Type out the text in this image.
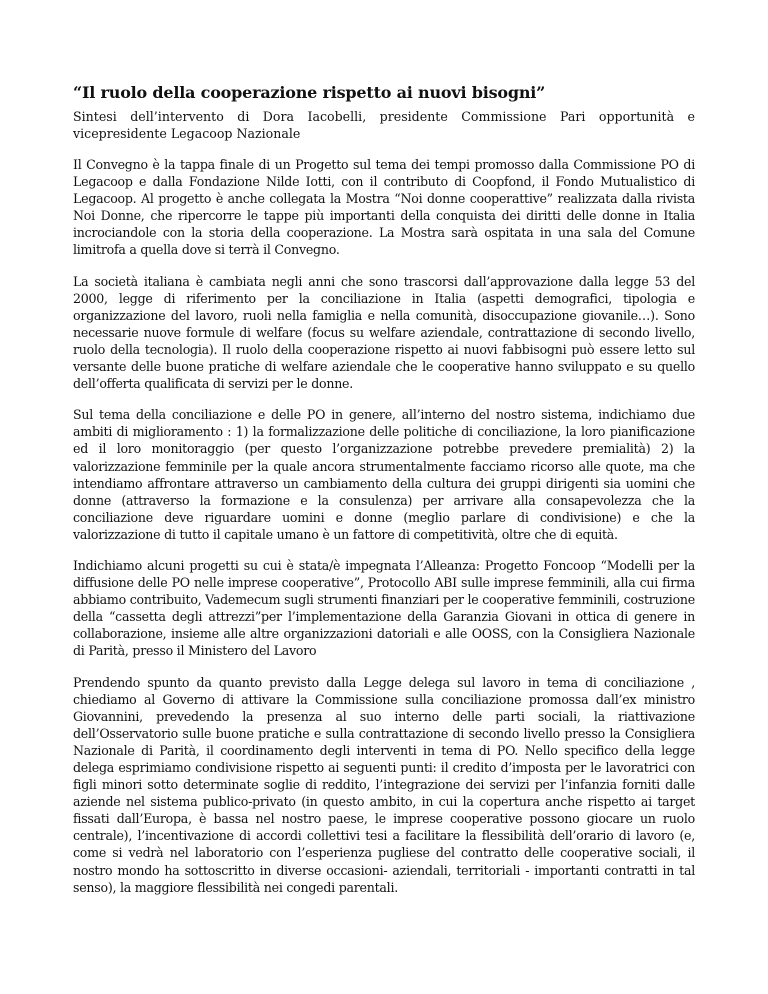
“Il ruolo della cooperazione rispetto ai nuovi bisogni”

Sintesi dell’intervento di Dora Iacobelli, presidente Commissione Pari opportunità e vicepresidente Legacoop Nazionale

Il Convegno è la tappa finale di un Progetto sul tema dei tempi promosso dalla Commissione PO di Legacoop e dalla Fondazione Nilde Iotti, con il contributo di Coopfond, il Fondo Mutualistico di Legacoop. Al progetto è anche collegata la Mostra “Noi donne cooperattive” realizzata dalla rivista Noi Donne, che ripercorre le tappe più importanti della conquista dei diritti delle donne in Italia incrociandole con la storia della cooperazione. La Mostra sarà ospitata in una sala del Comune limitrofa a quella dove si terrà il Convegno.

La società italiana è cambiata negli anni che sono trascorsi dall’approvazione dalla legge 53 del 2000, legge di riferimento per la conciliazione in Italia (aspetti demografici, tipologia e organizzazione del lavoro, ruoli nella famiglia e nella comunità, disoccupazione giovanile…). Sono necessarie nuove formule di welfare (focus su welfare aziendale, contrattazione di secondo livello, ruolo della tecnologia). Il ruolo della cooperazione rispetto ai nuovi fabbisogni può essere letto sul versante delle buone pratiche di welfare aziendale che le cooperative hanno sviluppato e su quello dell’offerta qualificata di servizi per le donne.

Sul tema della conciliazione e delle PO in genere, all’interno del nostro sistema, indichiamo due ambiti di miglioramento : 1) la formalizzazione delle politiche di conciliazione, la loro pianificazione ed il loro monitoraggio (per questo l’organizzazione potrebbe prevedere premialità) 2) la valorizzazione femminile per la quale ancora strumentalmente facciamo ricorso alle quote, ma che intendiamo affrontare attraverso un cambiamento della cultura dei gruppi dirigenti sia uomini che donne (attraverso la formazione e la consulenza) per arrivare alla consapevolezza che la conciliazione deve riguardare uomini e donne (meglio parlare di condivisione) e che la valorizzazione di tutto il capitale umano è un fattore di competitività, oltre che di equità.

Indichiamo alcuni progetti su cui è stata/è impegnata l’Alleanza: Progetto Foncoop “Modelli per la diffusione delle PO nelle imprese cooperative”, Protocollo ABI sulle imprese femminili, alla cui firma abbiamo contribuito, Vademecum sugli strumenti finanziari per le cooperative femminili, costruzione della “cassetta degli attrezzi”per l’implementazione della Garanzia Giovani in ottica di genere in collaborazione, insieme alle altre organizzazioni datoriali e alle OOSS, con la Consigliera Nazionale di Parità, presso il Ministero del Lavoro

Prendendo spunto da quanto previsto dalla Legge delega sul lavoro in tema di conciliazione , chiediamo al Governo di attivare la Commissione sulla conciliazione promossa dall’ex ministro Giovannini, prevedendo la presenza al suo interno delle parti sociali, la riattivazione dell’Osservatorio sulle buone pratiche e sulla contrattazione di secondo livello presso la Consigliera Nazionale di Parità, il coordinamento degli interventi in tema di PO. Nello specifico della legge delega esprimiamo condivisione rispetto ai seguenti punti: il credito d’imposta per le lavoratrici con figli minori sotto determinate soglie di reddito, l’integrazione dei servizi per l’infanzia forniti dalle aziende nel sistema publico-privato (in questo ambito, in cui la copertura anche rispetto ai target fissati dall’Europa, è bassa nel nostro paese, le imprese cooperative possono giocare un ruolo centrale), l’incentivazione di accordi collettivi tesi a facilitare la flessibilità dell’orario di lavoro (e, come si vedrà nel laboratorio con l’esperienza pugliese del contratto delle cooperative sociali, il nostro mondo ha sottoscritto in diverse occasioni- aziendali, territoriali - importanti contratti in tal senso), la maggiore flessibilità nei congedi parentali.
